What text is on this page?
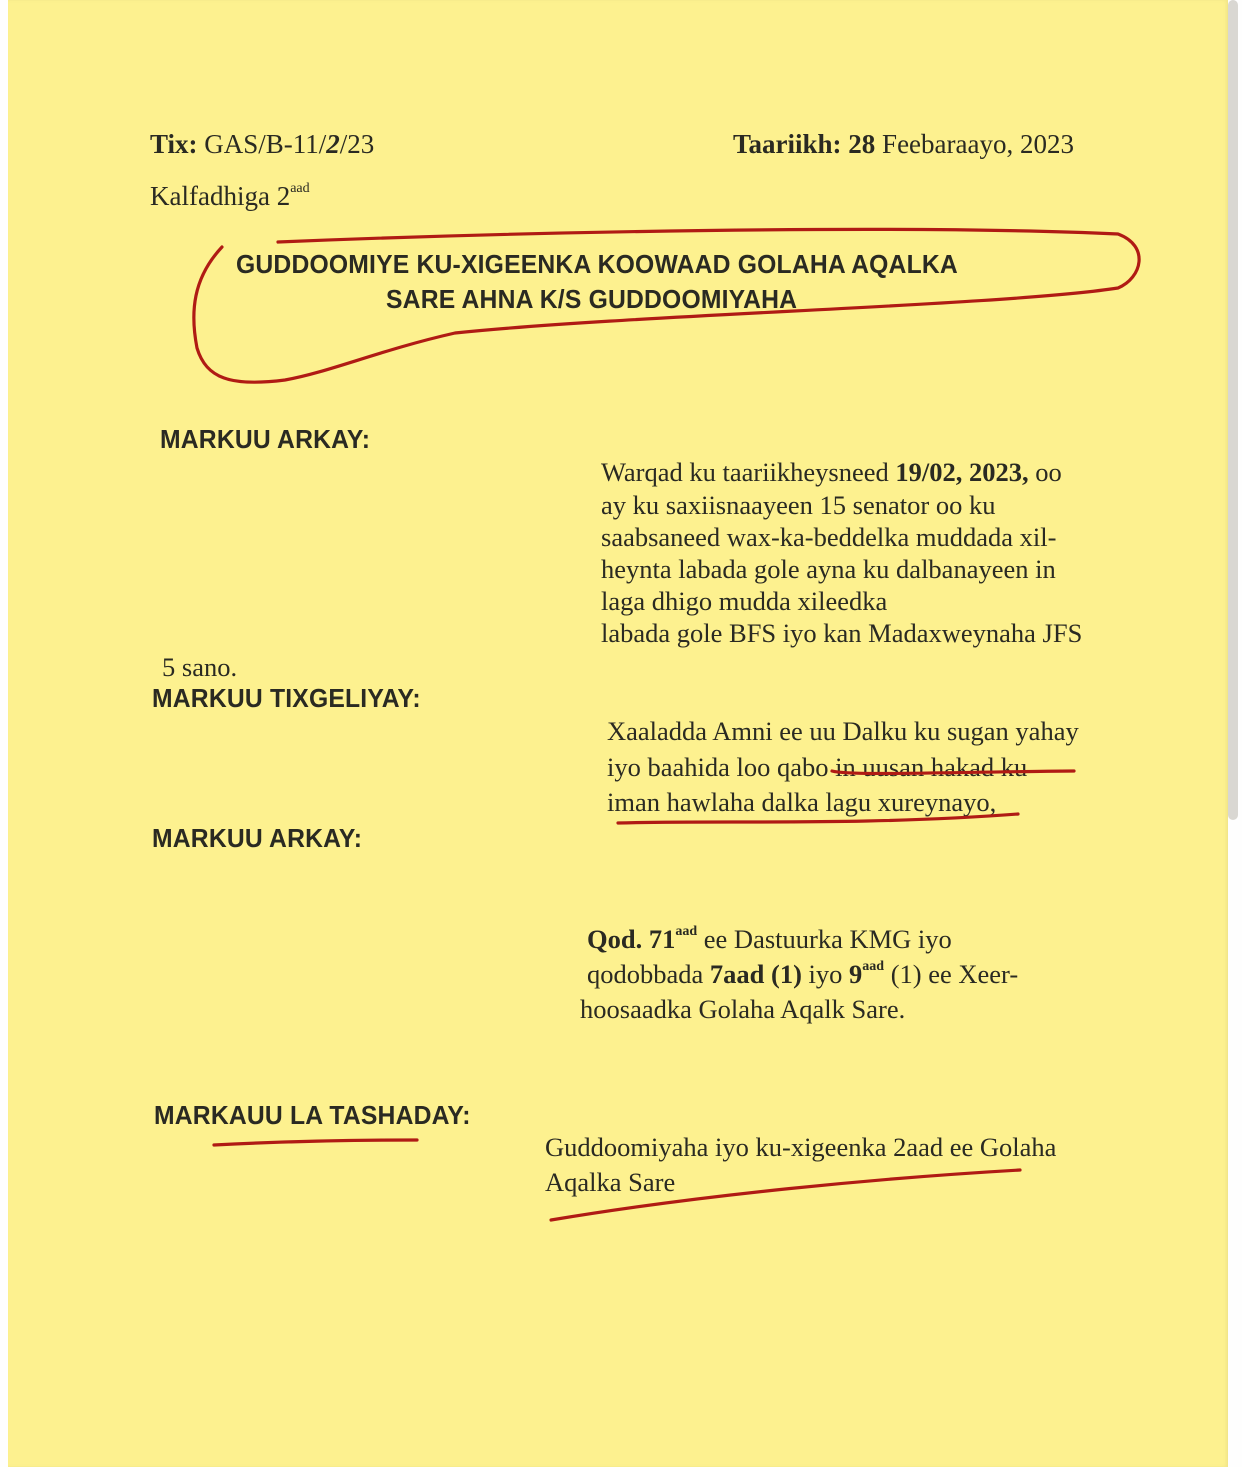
Tix: GAS/B-11/2/23	Taariikh: 28 Feebaraayo, 2023
Kalfadhiga $2^{aad}$
GUDDOOMIYE KU-XIGEENKA KOOWAAD GOLAHA AQALKA
SARE AHNA K/S GUDDOOMIYAHA
MARKUU ARKAY:
Warqad ku taariikheysneed 19/02, 2023, oo
ay ku saxiisnaayeen 15 senator oo ku
saabsaneed wax-ka-beddelka muddada xil-
heynta labada gole ayna ku dalbanayeen in
laga dhigo mudda xileedka
labada gole BFS iyo kan Madaxweynaha JFS
5 sano.
MARKUU TIXGELIYAY:
Xaaladda Amni ee uu Dalku ku sugan yahay
iyo baahida loo qabo in uusan hakad ku
iman hawlaha dalka lagu xureynayo,
MARKUU ARKAY:
Qod. $71^{aad}$ ee Dastuurka KMG iyo
qodobbada 7aad (1) iyo $9^{aad}$ (1) ee Xeer-
hoosaadka Golaha Aqalk Sare.
MARKAUU LA TASHADAY:
Guddoomiyaha iyo ku-xigeenka 2aad ee Golaha
Aqalka Sare
